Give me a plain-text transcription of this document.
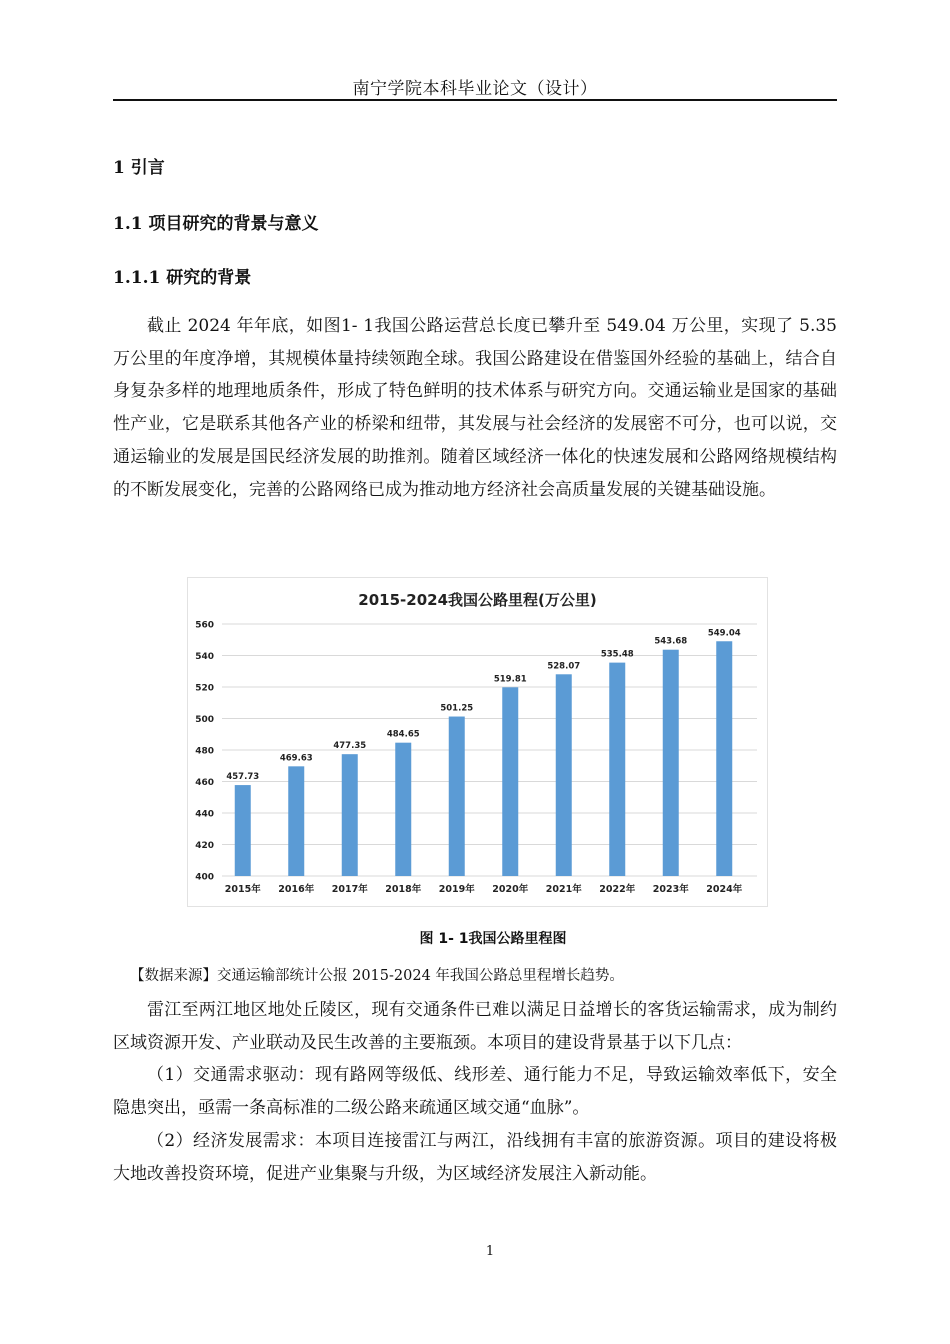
南宁学院本科毕业论文（设计）
1 引言
1.1 项目研究的背景与意义
1.1.1 研究的背景

截止 2024 年年底，如图1- 1我国公路运营总长度已攀升至 549.04 万公里，实现了 5.35 万公里的年度净增，其规模体量持续领跑全球。我国公路建设在借鉴国外经验的基础上，结合自身复杂多样的地理地质条件，形成了特色鲜明的技术体系与研究方向。交通运输业是国家的基础性产业，它是联系其他各产业的桥梁和纽带，其发展与社会经济的发展密不可分，也可以说，交通运输业的发展是国民经济发展的助推剂。随着区域经济一体化的快速发展和公路网络规模结构的不断发展变化，完善的公路网络已成为推动地方经济社会高质量发展的关键基础设施。

2015-2024我国公路里程(万公里)
400
420
440
460
480
500
520
540
560
457.73
2015年
469.63
2016年
477.35
2017年
484.65
2018年
501.25
2019年
519.81
2020年
528.07
2021年
535.48
2022年
543.68
2023年
549.04
2024年
图 1- 1我国公路里程图
【数据来源】交通运输部统计公报 2015-2024 年我国公路总里程增长趋势。

雷江至两江地区地处丘陵区，现有交通条件已难以满足日益增长的客货运输需求，成为制约区域资源开发、产业联动及民生改善的主要瓶颈。本项目的建设背景基于以下几点：

（1）交通需求驱动：现有路网等级低、线形差、通行能力不足，导致运输效率低下，安全隐患突出，亟需一条高标准的二级公路来疏通区域交通“血脉”。

（2）经济发展需求：本项目连接雷江与两江，沿线拥有丰富的旅游资源。项目的建设将极大地改善投资环境，促进产业集聚与升级，为区域经济发展注入新动能。

1
